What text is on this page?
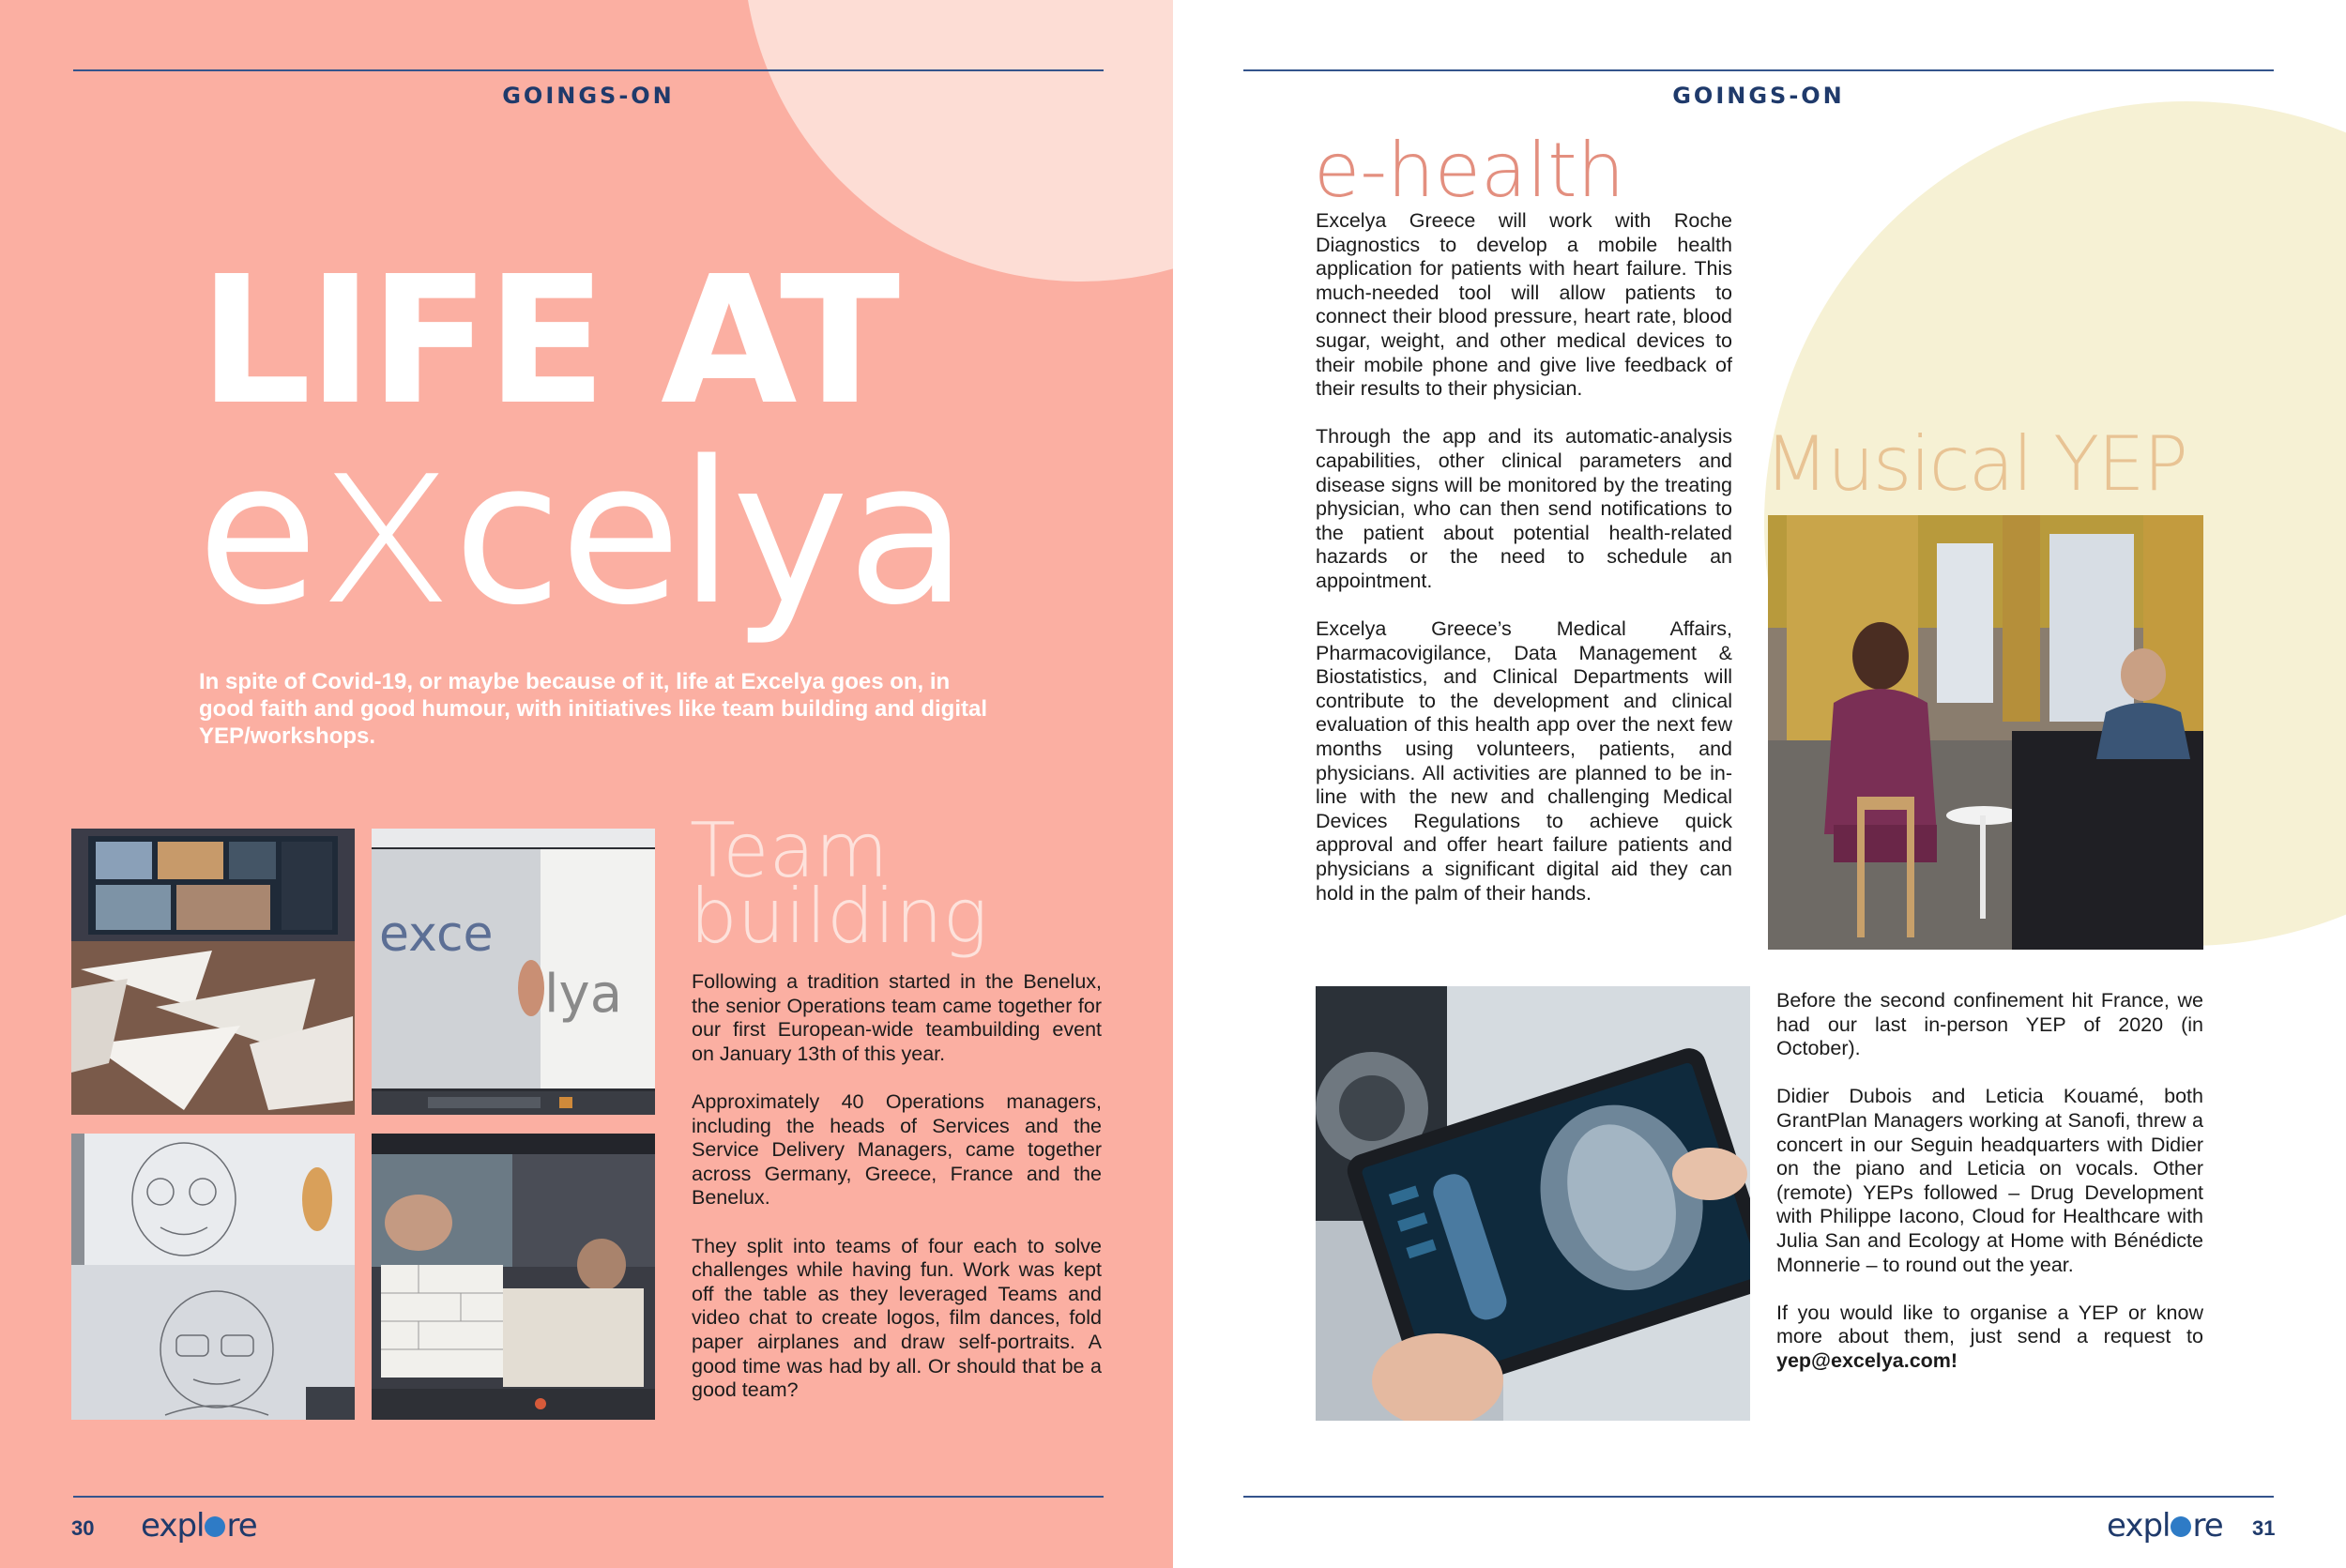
GOINGS-ON
LIFE AT
excelya

In spite of Covid-19, or maybe because of it, life at Excelya goes on, in good faith and good humour, with initiatives like team building and digital YEP/workshops.

exce
lya
Team
building

Following a tradition started in the Benelux, the senior Operations team came together for our first European-wide teambuilding event on January 13th of this year.

Approximately 40 Operations managers, including the heads of Services and the Service Delivery Managers, came together across Germany, Greece, France and the Benelux.

They split into teams of four each to solve challenges while having fun. Work was kept off the table as they leveraged Teams and video chat to create logos, film dances, fold paper airplanes and draw self-portraits. A good time was had by all. Or should that be a good team?

30 expl re
GOINGS-ON
e-health

Excelya Greece will work with Roche Diagnostics to develop a mobile health application for patients with heart failure. This much-needed tool will allow patients to connect their blood pressure, heart rate, blood sugar, weight, and other medical devices to their mobile phone and give live feedback of their results to their physician.

Through the app and its automatic-analysis capabilities, other clinical parameters and disease signs will be monitored by the treating physician, who can then send notifications to the patient about potential health-related hazards or the need to schedule an appointment.

Excelya Greece’s Medical Affairs, Pharmacovigilance, Data Management & Biostatistics, and Clinical Departments will contribute to the development and clinical evaluation of this health app over the next few months using volunteers, patients, and physicians. All activities are planned to be in-line with the new and challenging Medical Devices Regulations to achieve quick approval and offer heart failure patients and physicians a significant digital aid they can hold in the palm of their hands.

Musical YEP

Before the second confinement hit France, we had our last in-person YEP of 2020 (in October).

Didier Dubois and Leticia Kouamé, both GrantPlan Managers working at Sanofi, threw a concert in our Seguin headquarters with Didier on the piano and Leticia on vocals. Other (remote) YEPs followed – Drug Development with Philippe Iacono, Cloud for Healthcare with Julia San and Ecology at Home with Bénédicte Monnerie – to round out the year.

If you would like to organise a YEP or know more about them, just send a request to yep@excelya.com!

expl re 31
